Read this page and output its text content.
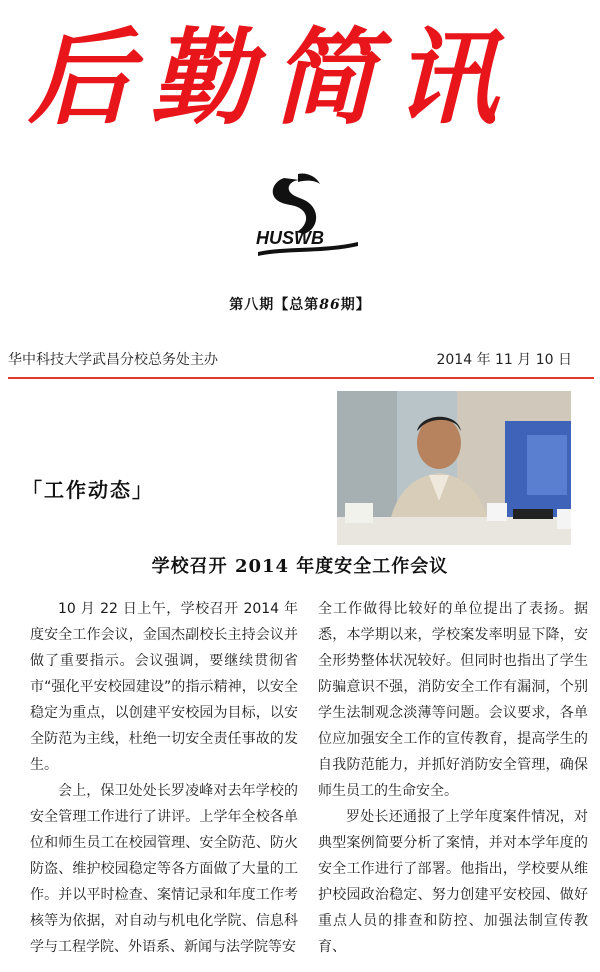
后勤简讯
HUSWB
第八期【总第86期】
华中科技大学武昌分校总务处主办	2014 年 11 月 10 日
「工作动态」
学校召开 2014 年度安全工作会议

10 月 22 日上午，学校召开 2014 年度安全工作会议，金国杰副校长主持会议并做了重要指示。会议强调，要继续贯彻省市“强化平安校园建设”的指示精神，以安全稳定为重点，以创建平安校园为目标，以安全防范为主线，杜绝一切安全责任事故的发生。

会上，保卫处处长罗凌峰对去年学校的安全管理工作进行了讲评。上学年全校各单位和师生员工在校园管理、安全防范、防火防盗、维护校园稳定等各方面做了大量的工作。并以平时检查、案情记录和年度工作考核等为依据，对自动与机电化学院、信息科学与工程学院、外语系、新闻与法学院等安

全工作做得比较好的单位提出了表扬。据悉，本学期以来，学校案发率明显下降，安全形势整体状况较好。但同时也指出了学生防骗意识不强，消防安全工作有漏洞，个别学生法制观念淡薄等问题。会议要求，各单位应加强安全工作的宣传教育，提高学生的自我防范能力，并抓好消防安全管理，确保师生员工的生命安全。

罗处长还通报了上学年度案件情况，对典型案例简要分析了案情，并对本学年度的安全工作进行了部署。他指出，学校要从维护校园政治稳定、努力创建平安校园、做好重点人员的排查和防控、加强法制宣传教育、
